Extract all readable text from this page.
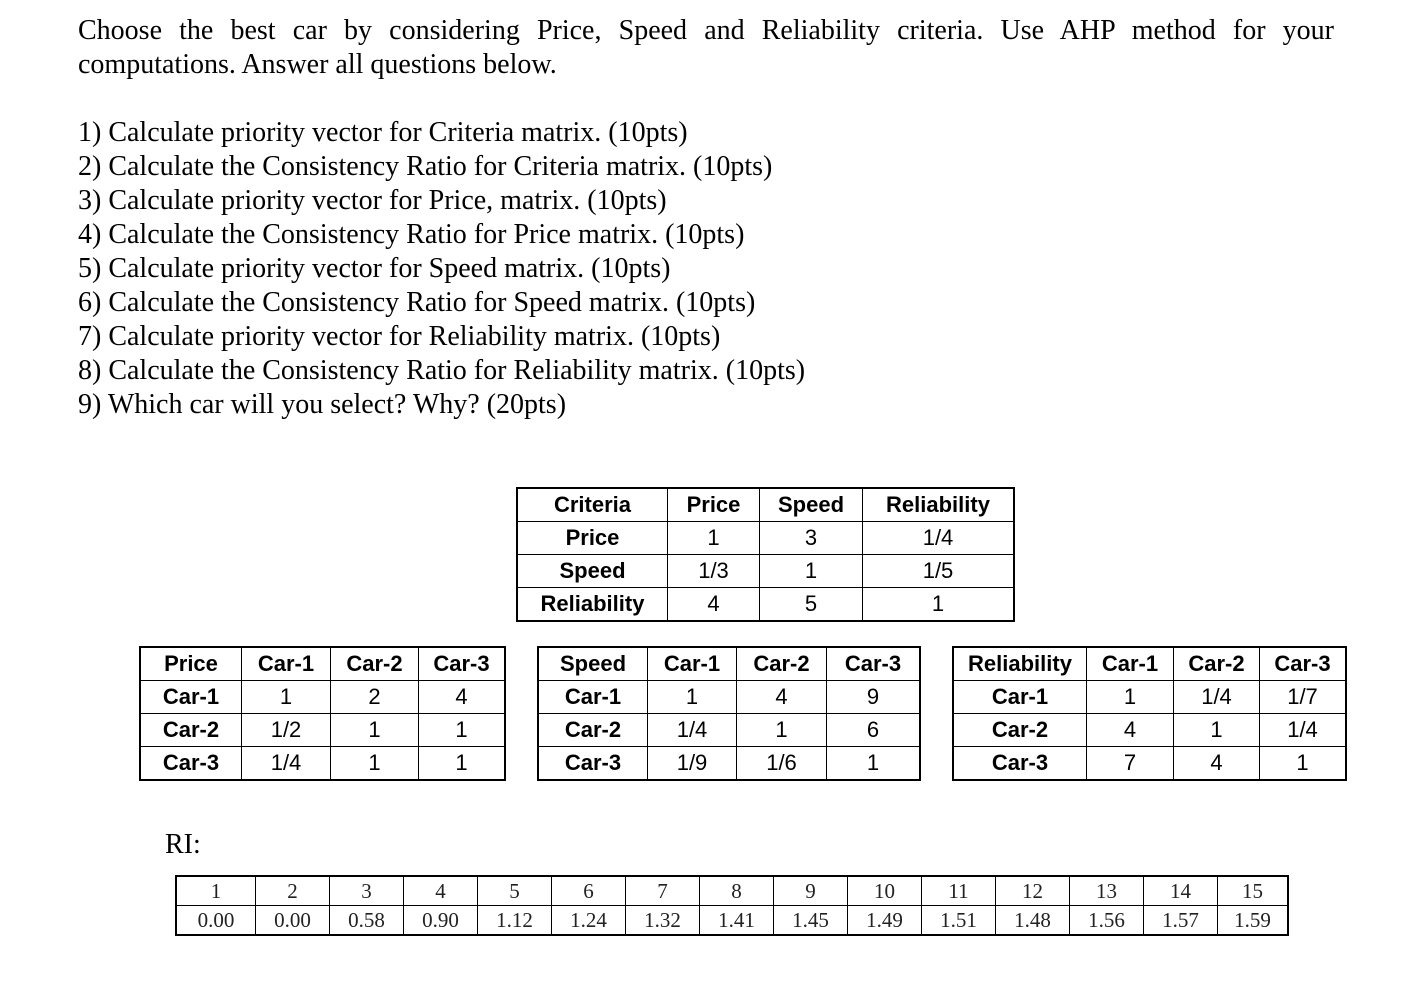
Choose the best car by considering Price, Speed and Reliability criteria. Use AHP method for your computations. Answer all questions below.
1) Calculate priority vector for Criteria matrix. (10pts)
2) Calculate the Consistency Ratio for Criteria matrix. (10pts)
3) Calculate priority vector for Price, matrix. (10pts)
4) Calculate the Consistency Ratio for Price matrix. (10pts)
5) Calculate priority vector for Speed matrix. (10pts)
6) Calculate the Consistency Ratio for Speed matrix. (10pts)
7) Calculate priority vector for Reliability matrix. (10pts)
8) Calculate the Consistency Ratio for Reliability matrix. (10pts)
9) Which car will you select? Why? (20pts)
Criteria	Price	Speed	Reliability
Price	1	3	1/4
Speed	1/3	1	1/5
Reliability	4	5	1
Price	Car-1	Car-2	Car-3
Car-1	1	2	4
Car-2	1/2	1	1
Car-3	1/4	1	1
Speed	Car-1	Car-2	Car-3
Car-1	1	4	9
Car-2	1/4	1	6
Car-3	1/9	1/6	1
Reliability	Car-1	Car-2	Car-3
Car-1	1	1/4	1/7
Car-2	4	1	1/4
Car-3	7	4	1
RI:
1	2	3	4	5	6	7	8	9	10	11	12	13	14	15
0.00	0.00	0.58	0.90	1.12	1.24	1.32	1.41	1.45	1.49	1.51	1.48	1.56	1.57	1.59
